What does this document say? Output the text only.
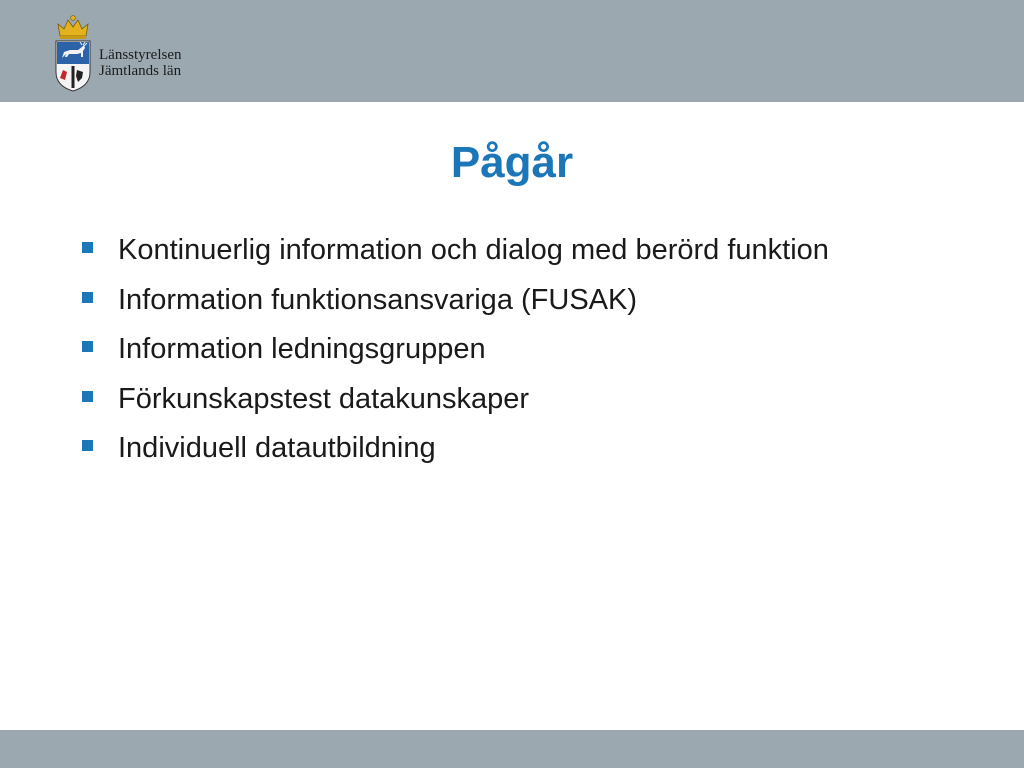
Länsstyrelsen
Jämtlands län
Pågår
Kontinuerlig information och dialog med berörd funktion
Information funktionsansvariga (FUSAK)
Information ledningsgruppen
Förkunskapstest datakunskaper
Individuell datautbildning
